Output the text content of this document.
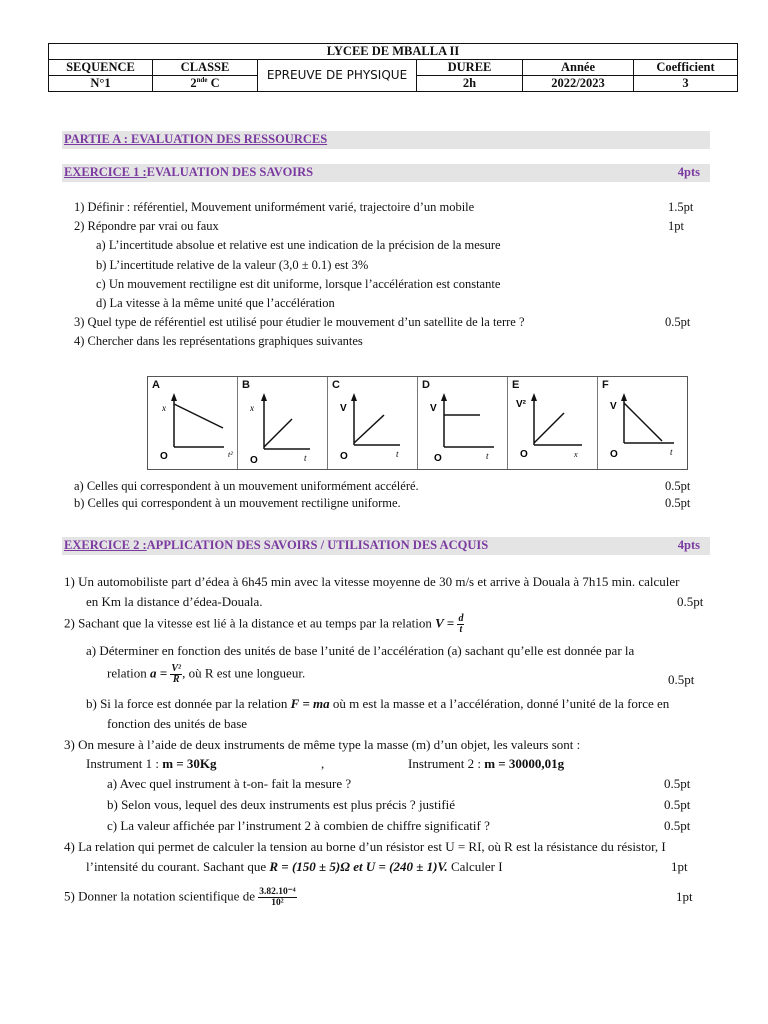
LYCEE DE MBALLA II					
SEQUENCE	CLASSE	EPREUVE DE PHYSIQUE	DUREE	Année	Coefficient
N°1	2nde C		2h	2022/2023	3
PARTIE A : EVALUATION DES RESSOURCES
EXERCICE 1 :EVALUATION DES SAVOIRS	4pts
1) Définir : référentiel, Mouvement uniformément varié, trajectoire d’un mobile	1.5pt
2) Répondre par vrai ou faux	1pt
a) L’incertitude absolue et relative est une indication de la précision de la mesure
b) L’incertitude relative de la valeur (3,0 ± 0.1) est 3%
c) Un mouvement rectiligne est dit uniforme, lorsque l’accélération est constante
d) La vitesse à la même unité que l’accélération
3) Quel type de référentiel est utilisé pour étudier le mouvement d’un satellite de la terre ?	0.5pt
4) Chercher dans les représentations graphiques suivantes
A
x
t²
O
B
x
t
O
C
V
t
O
D
V
t
O
E
V²
x
O
F
V
t
O
a) Celles qui correspondent à un mouvement uniformément accéléré.	0.5pt
b) Celles qui correspondent à un mouvement rectiligne uniforme.	0.5pt
EXERCICE 2 :APPLICATION DES SAVOIRS / UTILISATION DES ACQUIS	4pts
1) Un automobiliste part d’édea à 6h45 min avec la vitesse moyenne de 30 m/s et arrive à Douala à 7h15 min. calculer
en Km la distance d’édea-Douala.	0.5pt
2) Sachant que la vitesse est lié à la distance et au temps par la relation $V = \frac{d}{t}$
a) Déterminer en fonction des unités de base l’unité de l’accélération (a) sachant qu’elle est donnée par la
relation $a = \frac{\text{V²}}{R}$ , où R est une longueur.	0.5pt
b) Si la force est donnée par la relation F = ma où m est la masse et a l’accélération, donné l’unité de la force en
fonction des unités de base
3) On mesure à l’aide de deux instruments de même type la masse (m) d’un objet, les valeurs sont :
Instrument 1 : m = 30Kg	,	Instrument 2 : m = 30000,01g
a) Avec quel instrument à t-on- fait la mesure ?	0.5pt
b) Selon vous, lequel des deux instruments est plus précis ? justifié	0.5pt
c) La valeur affichée par l’instrument 2 à combien de chiffre significatif ?	0.5pt
4) La relation qui permet de calculer la tension au borne d’un résistor est U = RI, où R est la résistance du résistor, I
l’intensité du courant. Sachant que R = (150 ± 5)Ω et U = (240 ± 1)V. Calculer I	1pt
5) Donner la notation scientifique de $\frac{\text{3.82.10⁻⁴}}{\text{10²}}$	1pt
